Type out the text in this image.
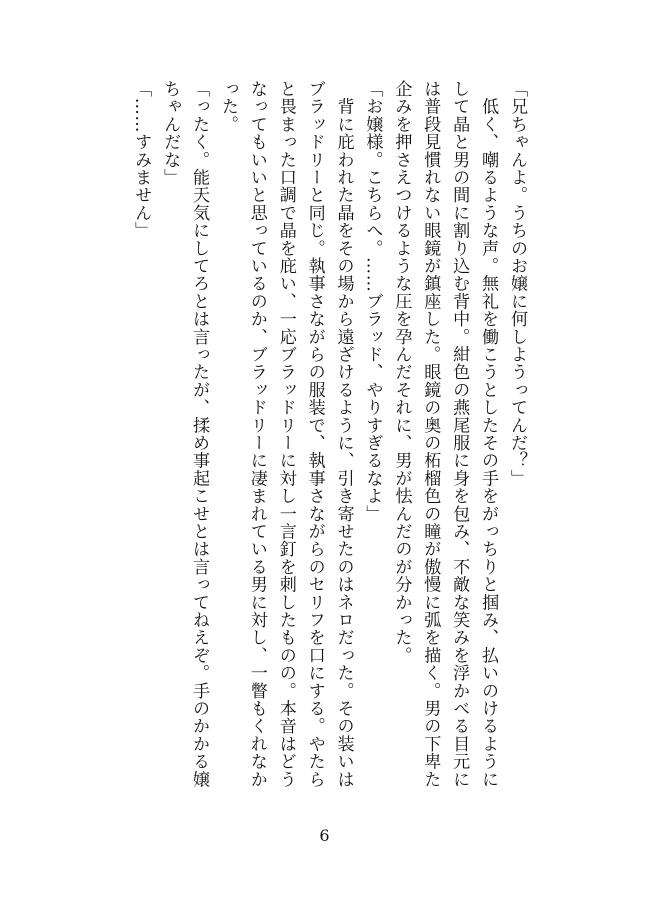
「兄ちゃんよ。うちのお嬢に何しようってんだ？」
　低く、嘲るような声。無礼を働こうとしたその手をがっちりと掴み、払いのけるようにして晶と男の間に割り込む背中。紺色の燕尾服に身を包み、不敵な笑みを浮かべる目元には普段見慣れない眼鏡が鎮座した。眼鏡の奥の柘榴色の瞳が傲慢に弧を描く。男の下卑た企みを押さえつけるような圧を孕んだそれに、男が怯んだのが分かった。
「お嬢様。こちらへ。……ブラッド、やりすぎるなよ」
　背に庇われた晶をその場から遠ざけるように、引き寄せたのはネロだった。その装いはブラッドリーと同じ。執事さながらの服装で、執事さながらのセリフを口にする。やたらと畏まった口調で晶を庇い、一応ブラッドリーに対し一言釘を刺したものの。本音はどうなってもいいと思っているのか、ブラッドリーに凄まれている男に対し、一瞥もくれなかった。
「ったく。能天気にしてろとは言ったが、揉め事起こせとは言ってねえぞ。手のかかる嬢ちゃんだな」
「……すみません」
6
